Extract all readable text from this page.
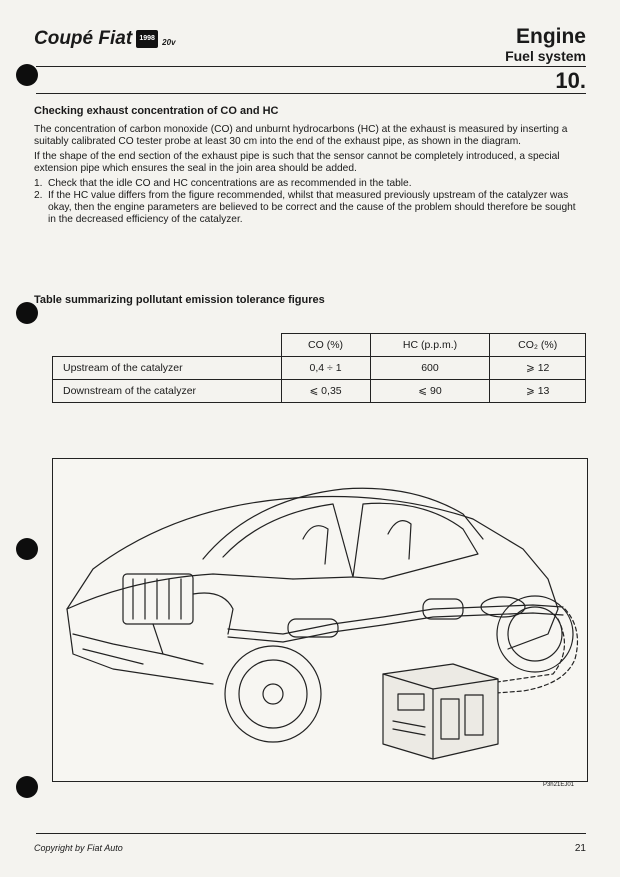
Coupé Fiat	1998 20v	Engine
Fuel system
10.
Checking exhaust concentration of CO and HC

The concentration of carbon monoxide (CO) and unburnt hydrocarbons (HC) at the exhaust is measured by inserting a suitably calibrated CO tester probe at least 30 cm into the end of the exhaust pipe, as shown in the diagram.

If the shape of the end section of the exhaust pipe is such that the sensor cannot be completely introduced, a special extension pipe which ensures the seal in the join area should be added.

1. Check that the idle CO and HC concentrations are as recommended in the table.
2. If the HC value differs from the figure recommended, whilst that measured previously upstream of the catalyzer was okay, then the engine parameters are believed to be correct and the cause of the problem should therefore be sought in the decreased efficiency of the catalyzer.
Table summarizing pollutant emission tolerance figures
	CO (%)	HC (p.p.m.)	CO₂ (%)
Upstream of the catalyzer	0,4 ÷ 1	600	⩾ 12
Downstream of the catalyzer	⩽ 0,35	⩽ 90	⩾ 13
P3h21EJ01
Copyright by Fiat Auto	21
